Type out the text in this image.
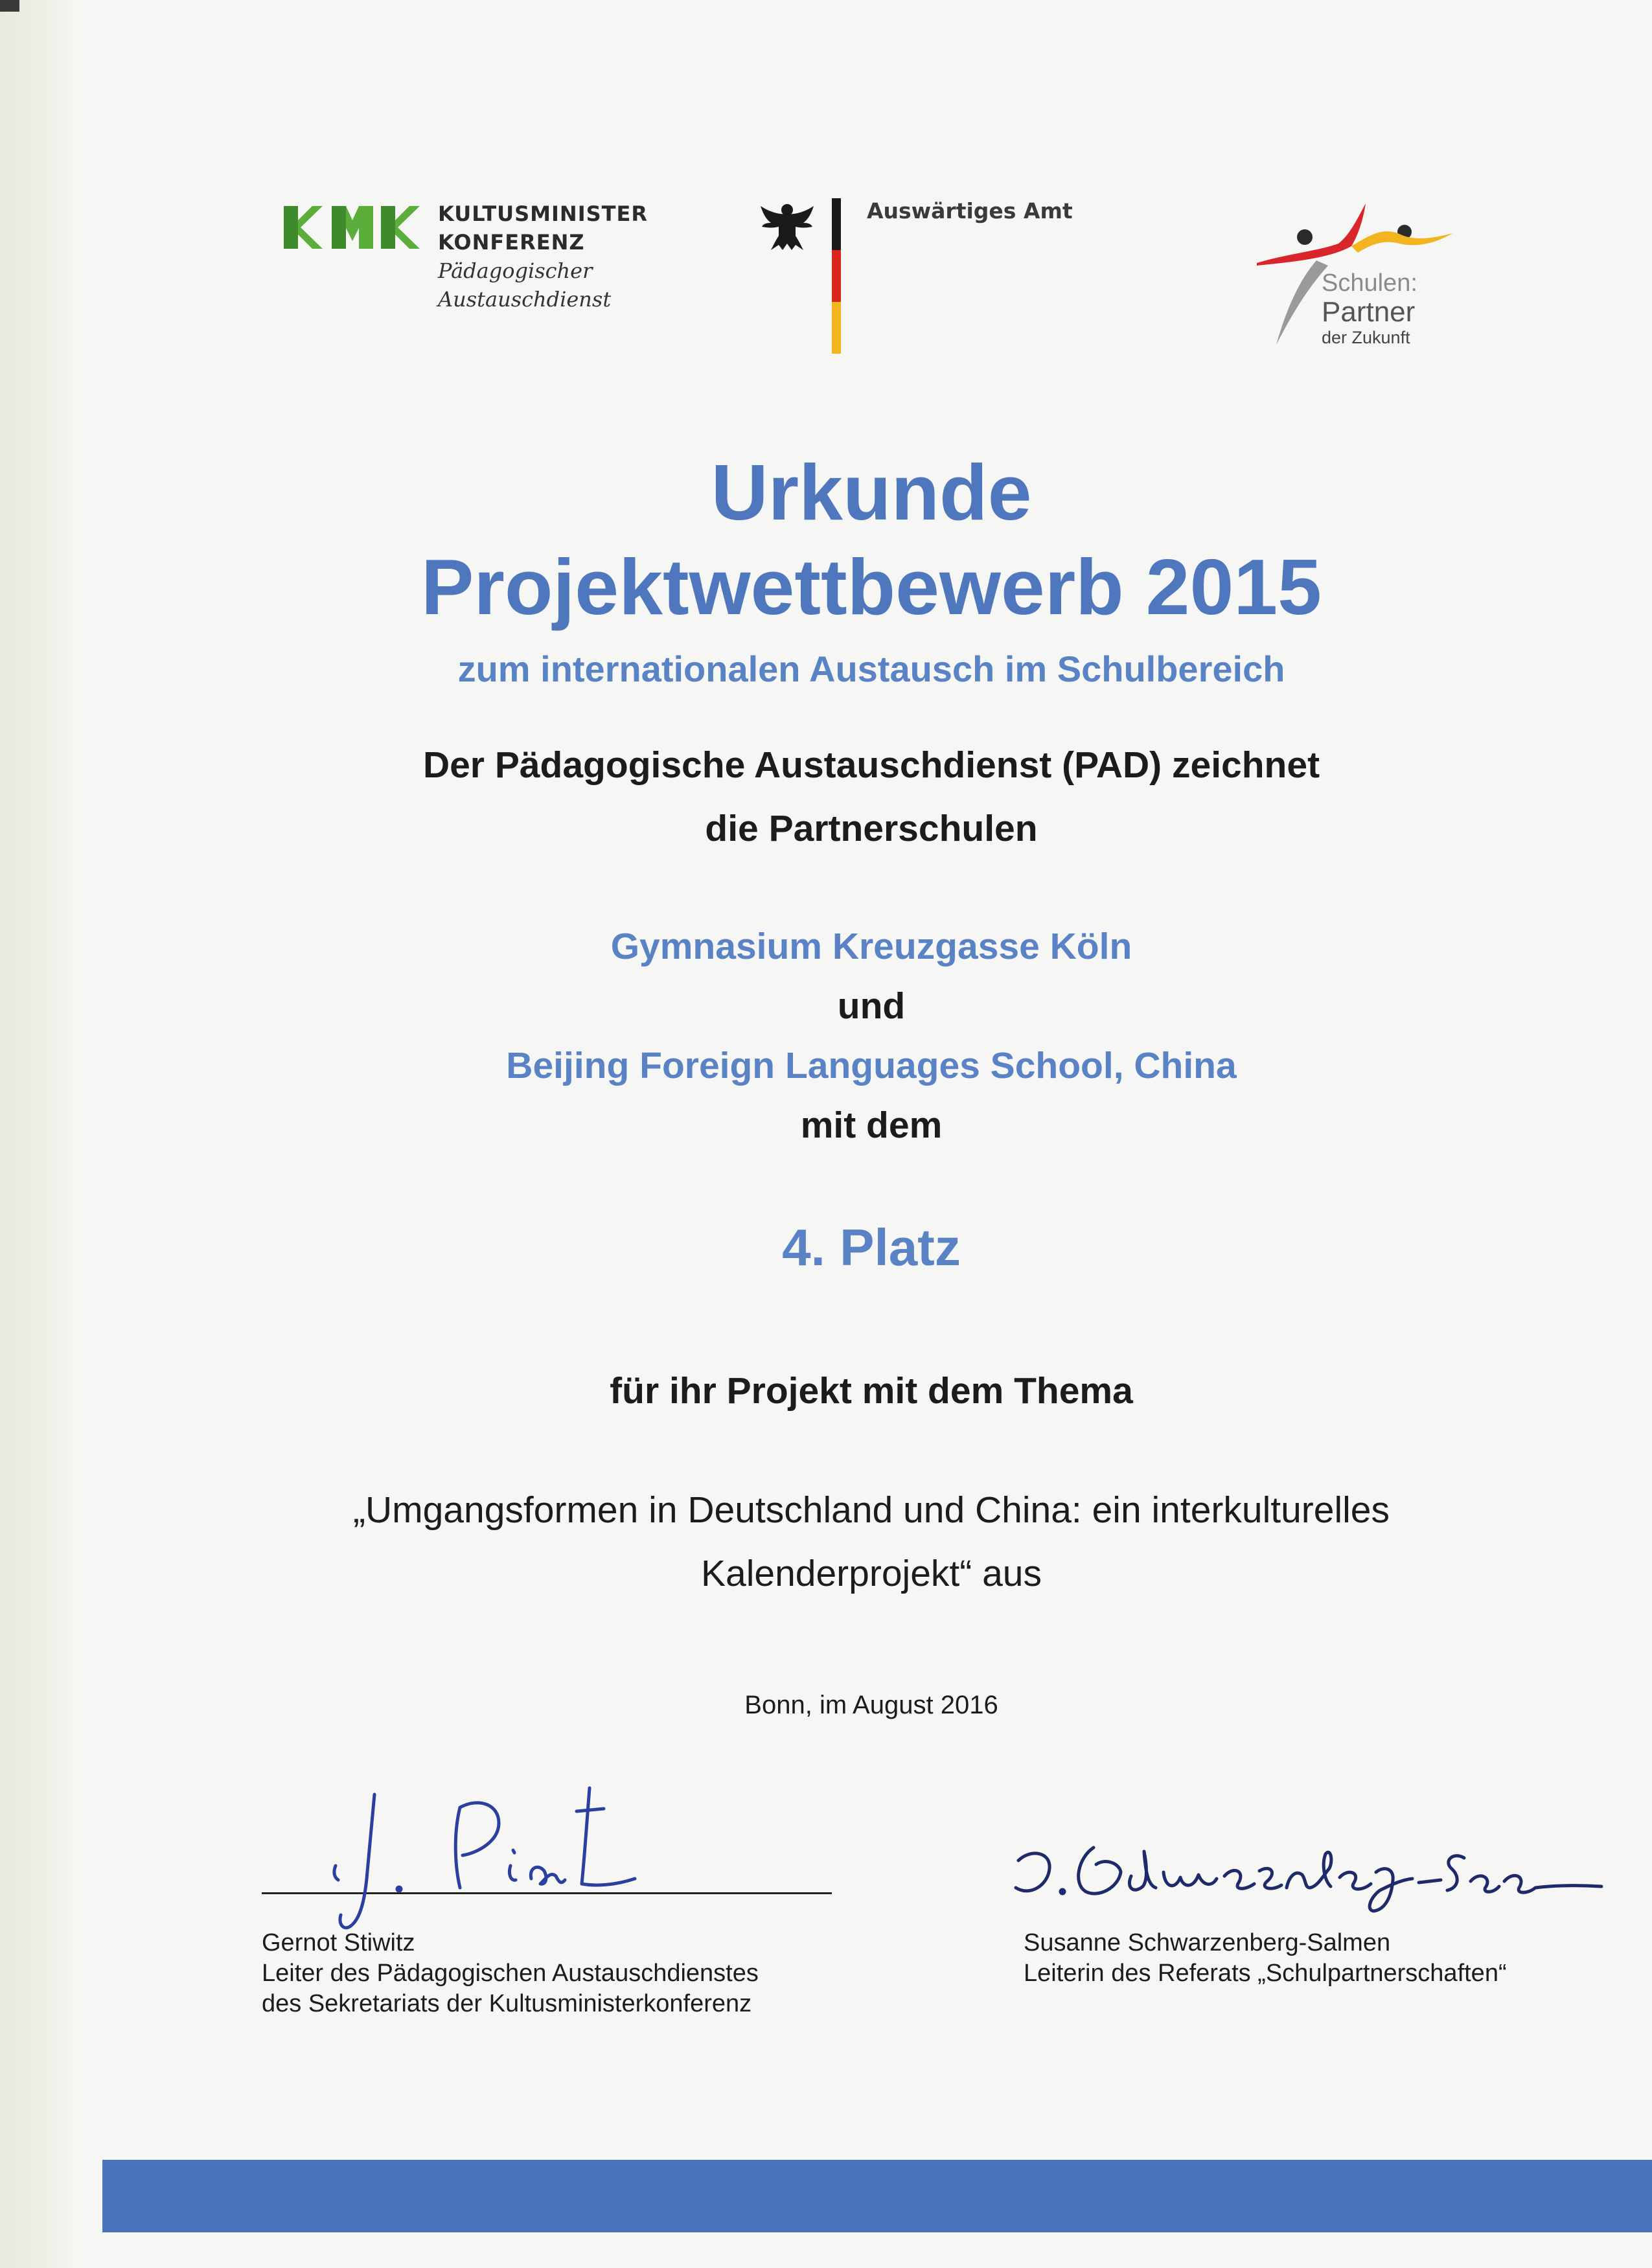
KULTUSMINISTER
KONFERENZ
Pädagogischer
Austauschdienst
Auswärtiges Amt
Schulen:
Partner
der Zukunft
Urkunde
Projektwettbewerb 2015
zum internationalen Austausch im Schulbereich
Der Pädagogische Austauschdienst (PAD) zeichnet
die Partnerschulen
Gymnasium Kreuzgasse Köln
und
Beijing Foreign Languages School, China
mit dem
4. Platz
für ihr Projekt mit dem Thema
„Umgangsformen in Deutschland und China: ein interkulturelles
Kalenderprojekt“ aus
Bonn, im August 2016
Gernot Stiwitz
Leiter des Pädagogischen Austauschdienstes
des Sekretariats der Kultusministerkonferenz
Susanne Schwarzenberg-Salmen
Leiterin des Referats „Schulpartnerschaften“
